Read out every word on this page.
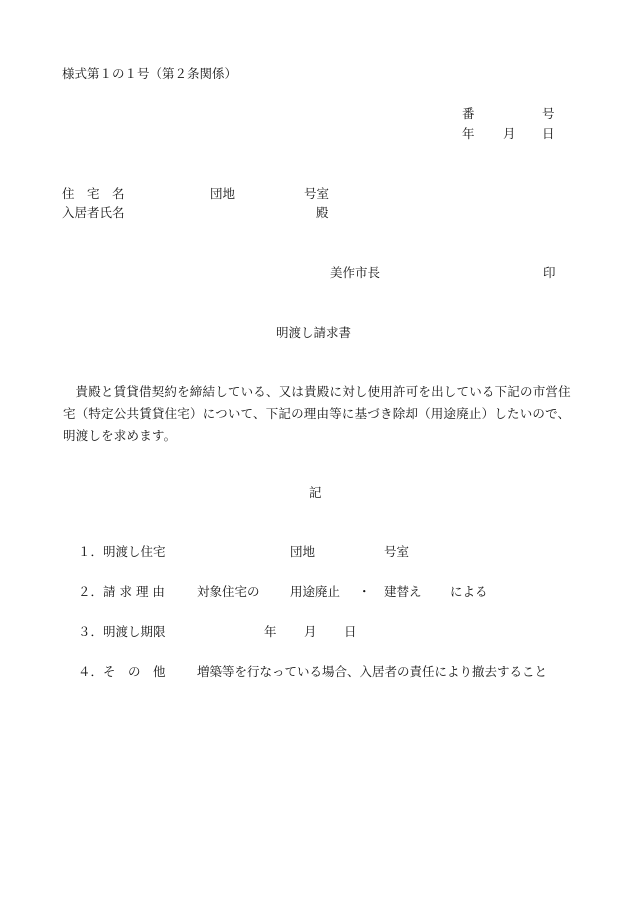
様式第１の１号（第２条関係）
番	号
年 月 日
住　宅　名	団地	号室
入居者氏名	殿
美作市長	印
明渡し請求書
貴殿と賃貸借契約を締結している、又は貴殿に対し使用許可を出している下記の市営住宅（特定公共賃貸住宅）について、下記の理由等に基づき除却（用途廃止）したいので、明渡しを求めます。
記
１．明渡し住宅	団地	号室
２．請 求 理 由	対象住宅の 用途廃止 ・ 建替え による
３．明渡し期限	年 月 日
４．そ　の　他	増築等を行なっている場合、入居者の責任により撤去すること
